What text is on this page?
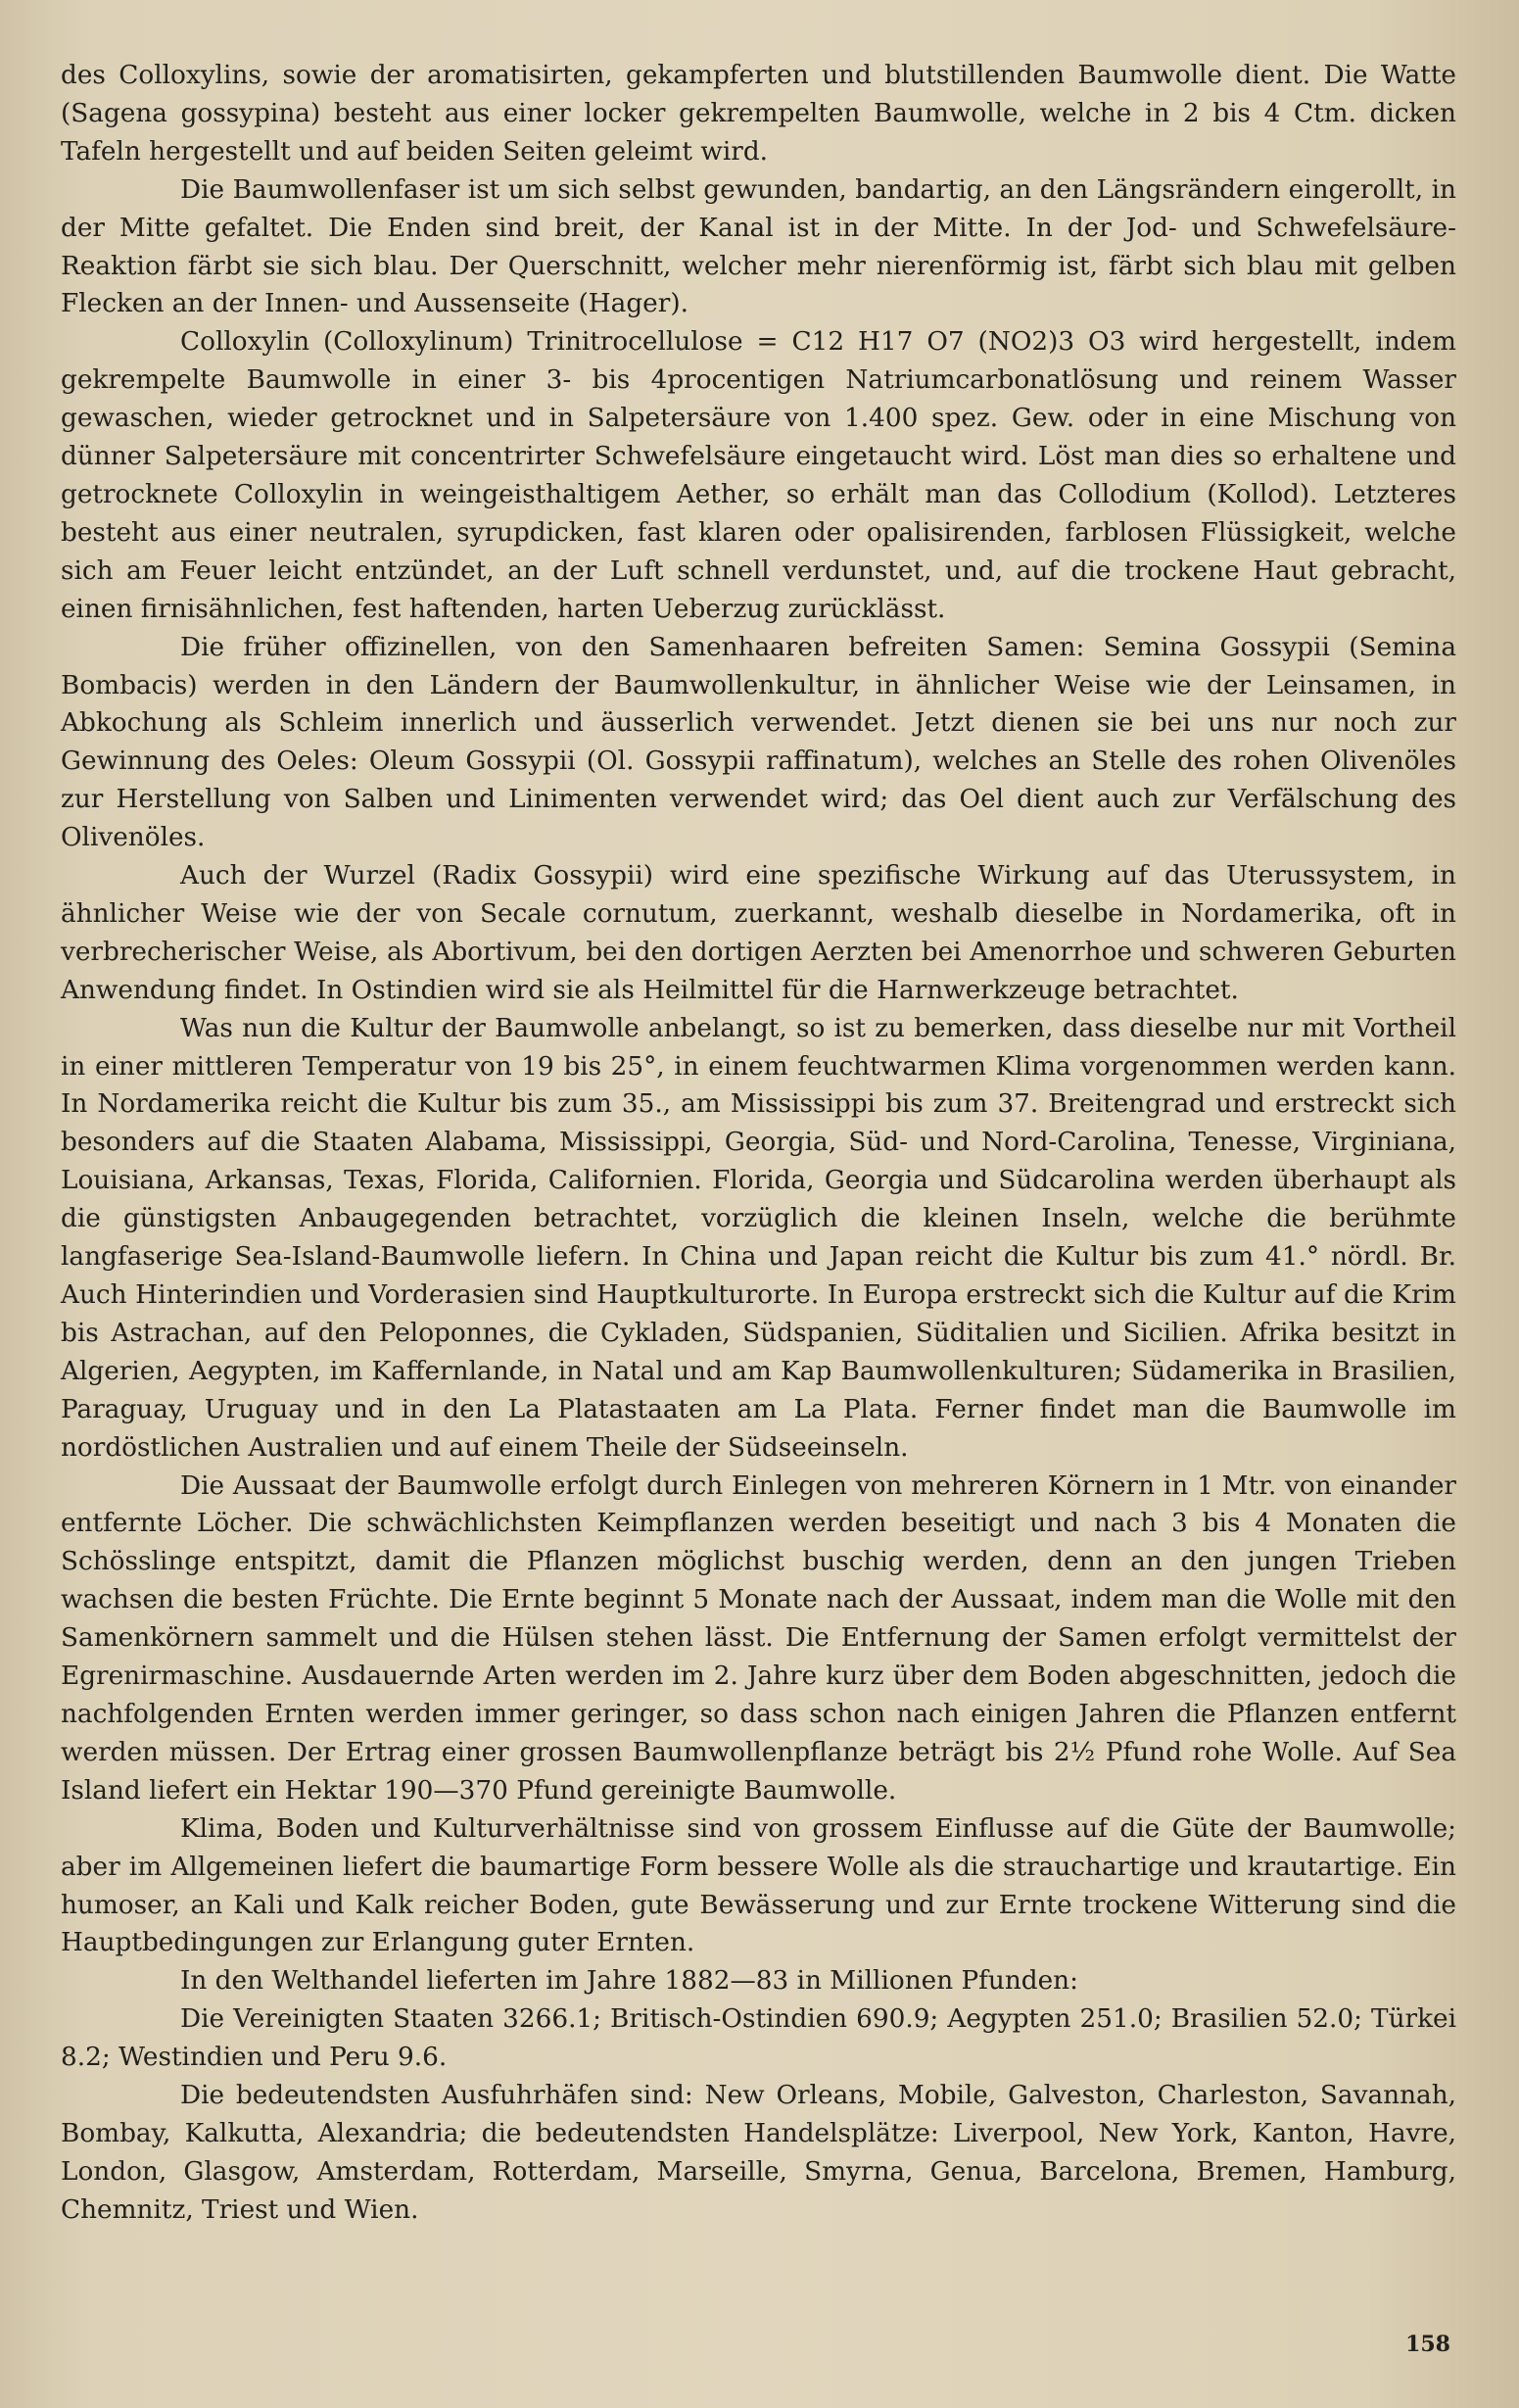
des Colloxylins, sowie der aromatisirten, gekampferten und blutstillenden Baumwolle dient. Die Watte (Sagena gossypina) besteht aus einer locker gekrempelten Baumwolle, welche in 2 bis 4 Ctm. dicken Tafeln hergestellt und auf beiden Seiten geleimt wird.

Die Baumwollenfaser ist um sich selbst gewunden, bandartig, an den Längsrändern eingerollt, in der Mitte gefaltet. Die Enden sind breit, der Kanal ist in der Mitte. In der Jod- und Schwefelsäure-Reaktion färbt sie sich blau. Der Querschnitt, welcher mehr nierenförmig ist, färbt sich blau mit gelben Flecken an der Innen- und Aussenseite (Hager).

Colloxylin (Colloxylinum) Trinitrocellulose = C12 H17 O7 (NO2)3 O3 wird hergestellt, indem gekrempelte Baumwolle in einer 3- bis 4procentigen Natriumcarbonatlösung und reinem Wasser gewaschen, wieder getrocknet und in Salpetersäure von 1.400 spez. Gew. oder in eine Mischung von dünner Salpetersäure mit concentrirter Schwefelsäure eingetaucht wird. Löst man dies so erhaltene und getrocknete Colloxylin in weingeisthaltigem Aether, so erhält man das Collodium (Kollod). Letzteres besteht aus einer neutralen, syrupdicken, fast klaren oder opalisirenden, farblosen Flüssigkeit, welche sich am Feuer leicht entzündet, an der Luft schnell verdunstet, und, auf die trockene Haut gebracht, einen firnisähnlichen, fest haftenden, harten Ueberzug zurücklässt.

Die früher offizinellen, von den Samenhaaren befreiten Samen: Semina Gossypii (Semina Bombacis) werden in den Ländern der Baumwollenkultur, in ähnlicher Weise wie der Leinsamen, in Abkochung als Schleim innerlich und äusserlich verwendet. Jetzt dienen sie bei uns nur noch zur Gewinnung des Oeles: Oleum Gossypii (Ol. Gossypii raffinatum), welches an Stelle des rohen Olivenöles zur Herstellung von Salben und Linimenten verwendet wird; das Oel dient auch zur Verfälschung des Olivenöles.

Auch der Wurzel (Radix Gossypii) wird eine spezifische Wirkung auf das Uterussystem, in ähnlicher Weise wie der von Secale cornutum, zuerkannt, weshalb dieselbe in Nordamerika, oft in verbrecherischer Weise, als Abortivum, bei den dortigen Aerzten bei Amenorrhoe und schweren Geburten Anwendung findet. In Ostindien wird sie als Heilmittel für die Harnwerkzeuge betrachtet.

Was nun die Kultur der Baumwolle anbelangt, so ist zu bemerken, dass dieselbe nur mit Vortheil in einer mittleren Temperatur von 19 bis 25°, in einem feuchtwarmen Klima vorgenommen werden kann. In Nordamerika reicht die Kultur bis zum 35., am Mississippi bis zum 37. Breitengrad und erstreckt sich besonders auf die Staaten Alabama, Mississippi, Georgia, Süd- und Nord-Carolina, Tenesse, Virginiana, Louisiana, Arkansas, Texas, Florida, Californien. Florida, Georgia und Südcarolina werden überhaupt als die günstigsten Anbaugegenden betrachtet, vorzüglich die kleinen Inseln, welche die berühmte langfaserige Sea-Island-Baumwolle liefern. In China und Japan reicht die Kultur bis zum 41.° nördl. Br. Auch Hinterindien und Vorderasien sind Hauptkulturorte. In Europa erstreckt sich die Kultur auf die Krim bis Astrachan, auf den Peloponnes, die Cykladen, Südspanien, Süditalien und Sicilien. Afrika besitzt in Algerien, Aegypten, im Kaffernlande, in Natal und am Kap Baumwollenkulturen; Südamerika in Brasilien, Paraguay, Uruguay und in den La Platastaaten am La Plata. Ferner findet man die Baumwolle im nordöstlichen Australien und auf einem Theile der Südseeinseln.

Die Aussaat der Baumwolle erfolgt durch Einlegen von mehreren Körnern in 1 Mtr. von einander entfernte Löcher. Die schwächlichsten Keimpflanzen werden beseitigt und nach 3 bis 4 Monaten die Schösslinge entspitzt, damit die Pflanzen möglichst buschig werden, denn an den jungen Trieben wachsen die besten Früchte. Die Ernte beginnt 5 Monate nach der Aussaat, indem man die Wolle mit den Samenkörnern sammelt und die Hülsen stehen lässt. Die Entfernung der Samen erfolgt vermittelst der Egrenirmaschine. Ausdauernde Arten werden im 2. Jahre kurz über dem Boden abgeschnitten, jedoch die nachfolgenden Ernten werden immer geringer, so dass schon nach einigen Jahren die Pflanzen entfernt werden müssen. Der Ertrag einer grossen Baumwollenpflanze beträgt bis 2½ Pfund rohe Wolle. Auf Sea Island liefert ein Hektar 190—370 Pfund gereinigte Baumwolle.

Klima, Boden und Kulturverhältnisse sind von grossem Einflusse auf die Güte der Baumwolle; aber im Allgemeinen liefert die baumartige Form bessere Wolle als die strauchartige und krautartige. Ein humoser, an Kali und Kalk reicher Boden, gute Bewässerung und zur Ernte trockene Witterung sind die Hauptbedingungen zur Erlangung guter Ernten.

In den Welthandel lieferten im Jahre 1882—83 in Millionen Pfunden:

Die Vereinigten Staaten 3266.1; Britisch-Ostindien 690.9; Aegypten 251.0; Brasilien 52.0; Türkei 8.2; Westindien und Peru 9.6.

Die bedeutendsten Ausfuhrhäfen sind: New Orleans, Mobile, Galveston, Charleston, Savannah, Bombay, Kalkutta, Alexandria; die bedeutendsten Handelsplätze: Liverpool, New York, Kanton, Havre, London, Glasgow, Amsterdam, Rotterdam, Marseille, Smyrna, Genua, Barcelona, Bremen, Hamburg, Chemnitz, Triest und Wien.

158
